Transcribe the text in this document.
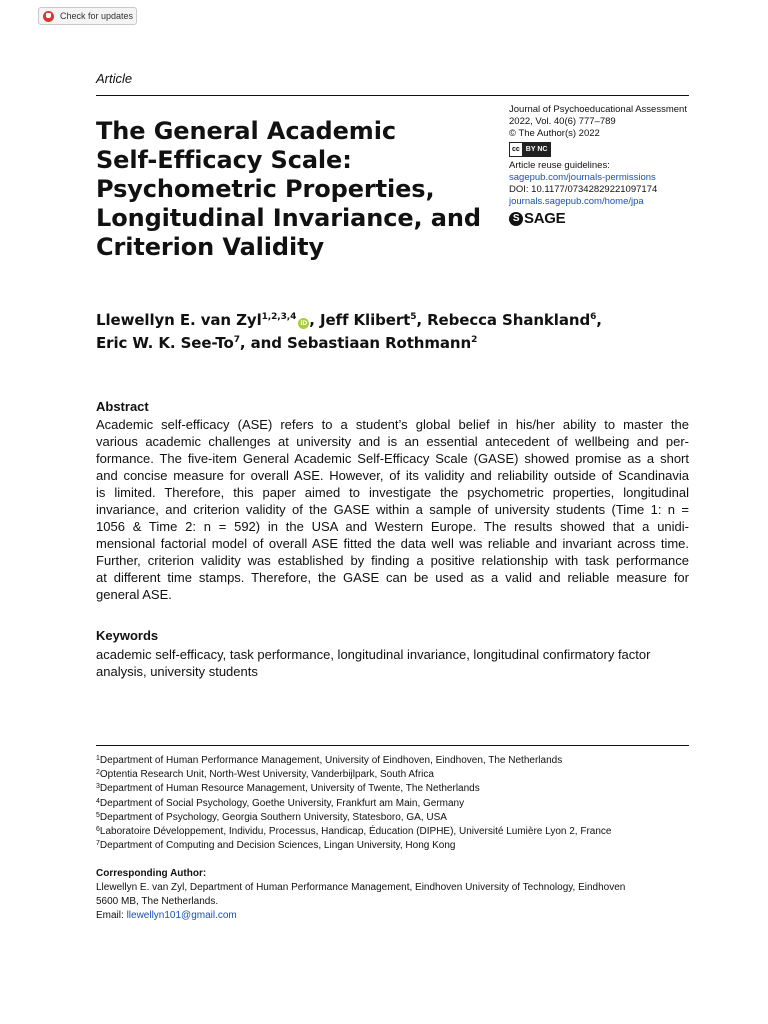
Check for updates
Article
The General Academic
Self-Efficacy Scale:
Psychometric Properties,
Longitudinal Invariance, and
Criterion Validity
Journal of Psychoeducational Assessment
2022, Vol. 40(6) 777–789
© The Author(s) 2022
cc BY NC
Article reuse guidelines:
sagepub.com/journals-permissions
DOI: 10.1177/07342829221097174
journals.sagepub.com/home/jpa
S SAGE
Llewellyn E. van Zyl$^{1,2,3,4}$iD , Jeff Klibert$^5$, Rebecca Shankland$^6$,
Eric W. K. See-To$^7$, and Sebastiaan Rothmann$^2$
Abstract
Academic self-efficacy (ASE) refers to a student’s global belief in his/her ability to master the
various academic challenges at university and is an essential antecedent of wellbeing and per-
formance. The five-item General Academic Self-Efficacy Scale (GASE) showed promise as a short
and concise measure for overall ASE. However, of its validity and reliability outside of Scandinavia
is limited. Therefore, this paper aimed to investigate the psychometric properties, longitudinal
invariance, and criterion validity of the GASE within a sample of university students (Time 1: n =
1056 & Time 2: n = 592) in the USA and Western Europe. The results showed that a unidi-
mensional factorial model of overall ASE fitted the data well was reliable and invariant across time.
Further, criterion validity was established by finding a positive relationship with task performance
at different time stamps. Therefore, the GASE can be used as a valid and reliable measure for
general ASE.
Keywords
academic self-efficacy, task performance, longitudinal invariance, longitudinal confirmatory factor
analysis, university students
$^1$Department of Human Performance Management, University of Eindhoven, Eindhoven, The Netherlands
$^2$Optentia Research Unit, North-West University, Vanderbijlpark, South Africa
$^3$Department of Human Resource Management, University of Twente, The Netherlands
$^4$Department of Social Psychology, Goethe University, Frankfurt am Main, Germany
$^5$Department of Psychology, Georgia Southern University, Statesboro, GA, USA
$^6$Laboratoire Développement, Individu, Processus, Handicap, Éducation (DIPHE), Université Lumière Lyon 2, France
$^7$Department of Computing and Decision Sciences, Lingan University, Hong Kong
Corresponding Author:
Llewellyn E. van Zyl, Department of Human Performance Management, Eindhoven University of Technology, Eindhoven
5600 MB, The Netherlands.
Email: llewellyn101@gmail.com
